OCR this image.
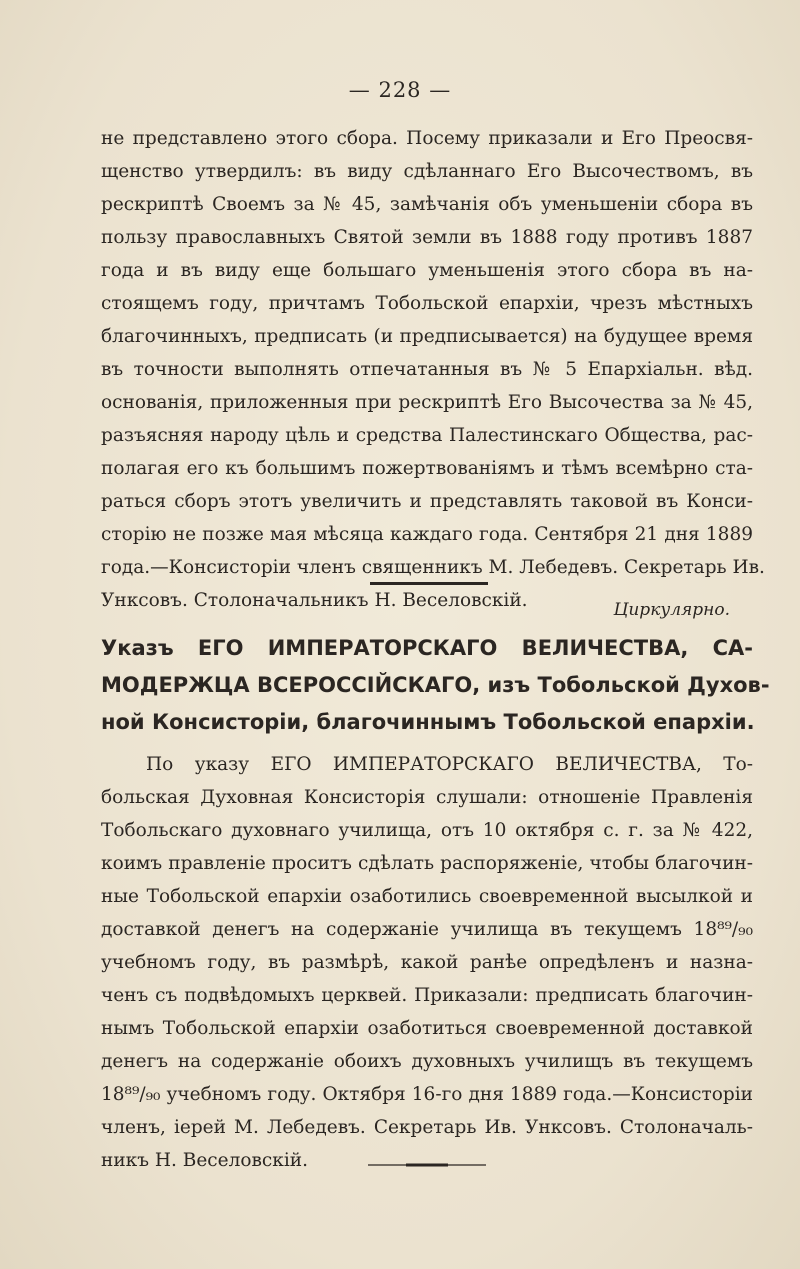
— 228 —
не представлено этого сбора. Посему приказали и Его Преосвя-
щенство утвердилъ: въ виду сдѣланнаго Его Высочествомъ, въ
рескриптѣ Своемъ за № 45, замѣчанія объ уменьшеніи сбора въ
пользу православныхъ Святой земли въ 1888 году противъ 1887
года и въ виду еще большаго уменьшенія этого сбора въ на-
стоящемъ году, причтамъ Тобольской епархіи, чрезъ мѣстныхъ
благочинныхъ, предписать (и предписывается) на будущее время
въ точности выполнять отпечатанныя въ № 5 Епархіальн. вѣд.
основанія, приложенныя при рескриптѣ Его Высочества за № 45,
разъясняя народу цѣль и средства Палестинскаго Общества, рас-
полагая его къ большимъ пожертвованіямъ и тѣмъ всемѣрно ста-
раться сборъ этотъ увеличить и представлять таковой въ Конси-
сторію не позже мая мѣсяца каждаго года. Сентября 21 дня 1889
года.—Консисторіи членъ священникъ М. Лебедевъ. Секретарь Ив.
Унксовъ. Столоначальникъ Н. Веселовскій.	Циркулярно.
Указъ ЕГО ИМПЕРАТОРСКАГО ВЕЛИЧЕСТВА, СА-
МОДЕРЖЦА ВСЕРОССІЙСКАГО, изъ Тобольской Духов-
ной Консисторіи, благочиннымъ Тобольской епархіи.
По указу ЕГО ИМПЕРАТОРСКАГО ВЕЛИЧЕСТВА, То-
больская Духовная Консисторія слушали: отношеніе Правленія
Тобольскаго духовнаго училища, отъ 10 октября с. г. за № 422,
коимъ правленіе проситъ сдѣлать распоряженіе, чтобы благочин-
ные Тобольской епархіи озаботились своевременной высылкой и
доставкой денегъ на содержаніе училища въ текущемъ 18⁸⁹/₉₀
учебномъ году, въ размѣрѣ, какой ранѣе опредѣленъ и назна-
ченъ съ подвѣдомыхъ церквей. Приказали: предписать благочин-
нымъ Тобольской епархіи озаботиться своевременной доставкой
денегъ на содержаніе обоихъ духовныхъ училищъ въ текущемъ
18⁸⁹/₉₀ учебномъ году. Октября 16-го дня 1889 года.—Консисторіи
членъ, іерей М. Лебедевъ. Секретарь Ив. Унксовъ. Столоначаль-
никъ Н. Веселовскій.
